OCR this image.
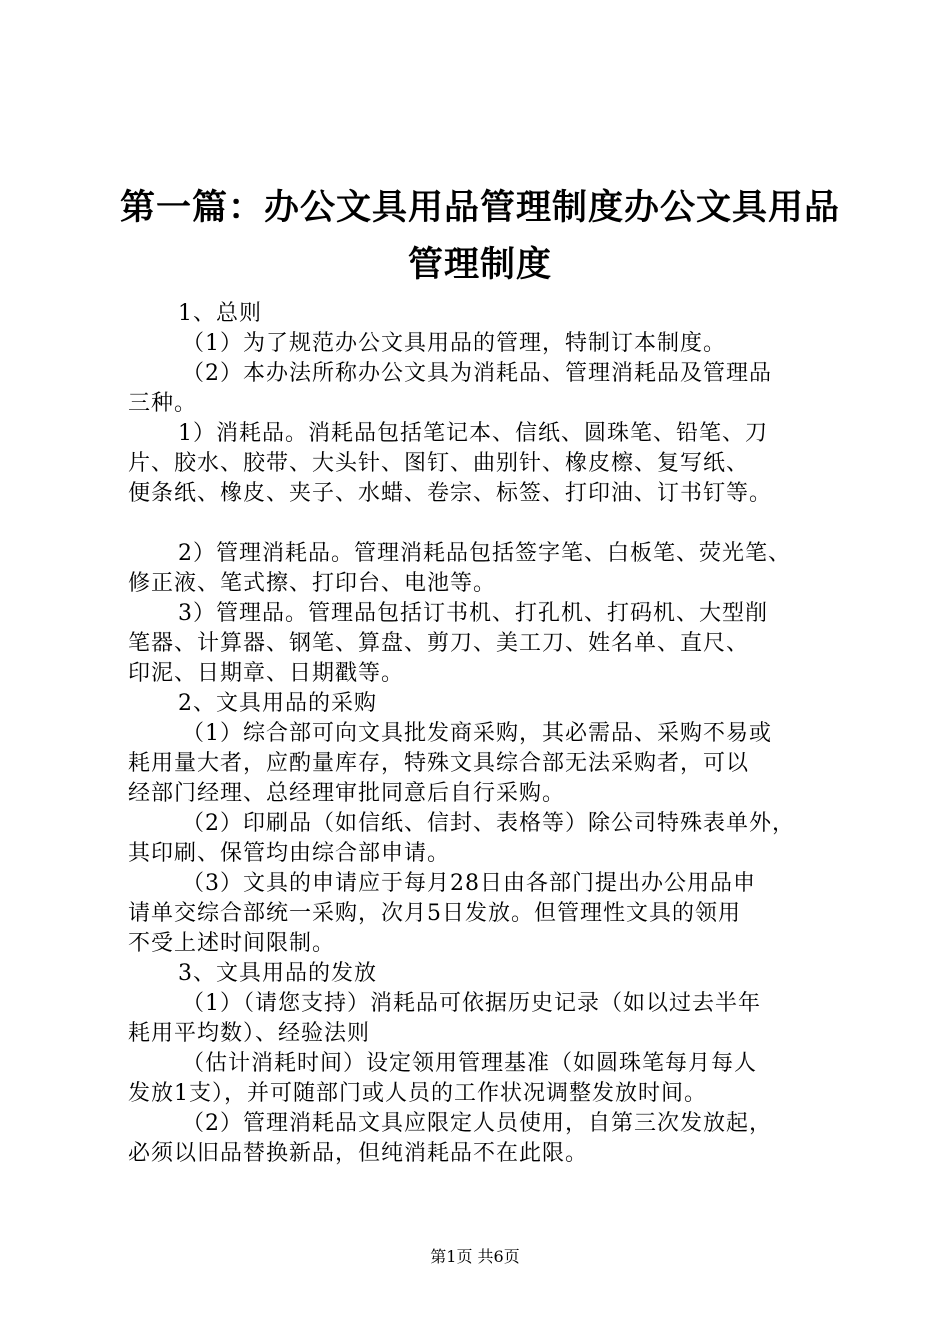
第一篇：办公文具用品管理制度办公文具用品
管理制度
1、总则
（1）为了规范办公文具用品的管理，特制订本制度。
（2）本办法所称办公文具为消耗品、管理消耗品及管理品
三种。
1）消耗品。消耗品包括笔记本、信纸、圆珠笔、铅笔、刀
片、胶水、胶带、大头针、图钉、曲别针、橡皮檫、复写纸、
便条纸、橡皮、夹子、水蜡、卷宗、标签、打印油、订书钉等。
2）管理消耗品。管理消耗品包括签字笔、白板笔、荧光笔、
修正液、笔式擦、打印台、电池等。
3）管理品。管理品包括订书机、打孔机、打码机、大型削
笔器、计算器、钢笔、算盘、剪刀、美工刀、姓名单、直尺、
印泥、日期章、日期戳等。
2、文具用品的采购
（1）综合部可向文具批发商采购，其必需品、采购不易或
耗用量大者，应酌量库存，特殊文具综合部无法采购者，可以
经部门经理、总经理审批同意后自行采购。
（2）印刷品（如信纸、信封、表格等）除公司特殊表单外，
其印刷、保管均由综合部申请。
（3）文具的申请应于每月28日由各部门提出办公用品申
请单交综合部统一采购，次月5日发放。但管理性文具的领用
不受上述时间限制。
3、文具用品的发放
（1）（请您支持）消耗品可依据历史记录（如以过去半年
耗用平均数）、经验法则
（估计消耗时间）设定领用管理基准（如圆珠笔每月每人
发放1支），并可随部门或人员的工作状况调整发放时间。
（2）管理消耗品文具应限定人员使用，自第三次发放起，
必须以旧品替换新品，但纯消耗品不在此限。
第1页 共6页
